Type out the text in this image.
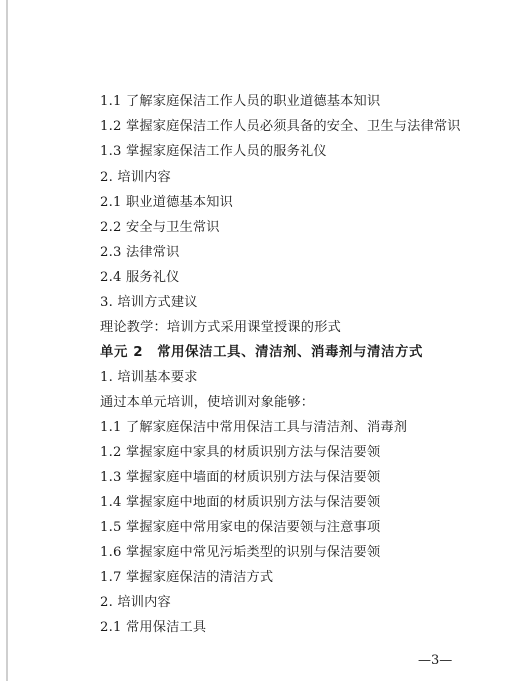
1.1 了解家庭保洁工作人员的职业道德基本知识
1.2 掌握家庭保洁工作人员必须具备的安全、卫生与法律常识
1.3 掌握家庭保洁工作人员的服务礼仪
2. 培训内容
2.1 职业道德基本知识
2.2 安全与卫生常识
2.3 法律常识
2.4 服务礼仪
3. 培训方式建议
理论教学：培训方式采用课堂授课的形式
单元 2　常用保洁工具、清洁剂、消毒剂与清洁方式
1. 培训基本要求
通过本单元培训，使培训对象能够：
1.1 了解家庭保洁中常用保洁工具与清洁剂、消毒剂
1.2 掌握家庭中家具的材质识别方法与保洁要领
1.3 掌握家庭中墙面的材质识别方法与保洁要领
1.4 掌握家庭中地面的材质识别方法与保洁要领
1.5 掌握家庭中常用家电的保洁要领与注意事项
1.6 掌握家庭中常见污垢类型的识别与保洁要领
1.7 掌握家庭保洁的清洁方式
2. 培训内容
2.1 常用保洁工具
—3—
